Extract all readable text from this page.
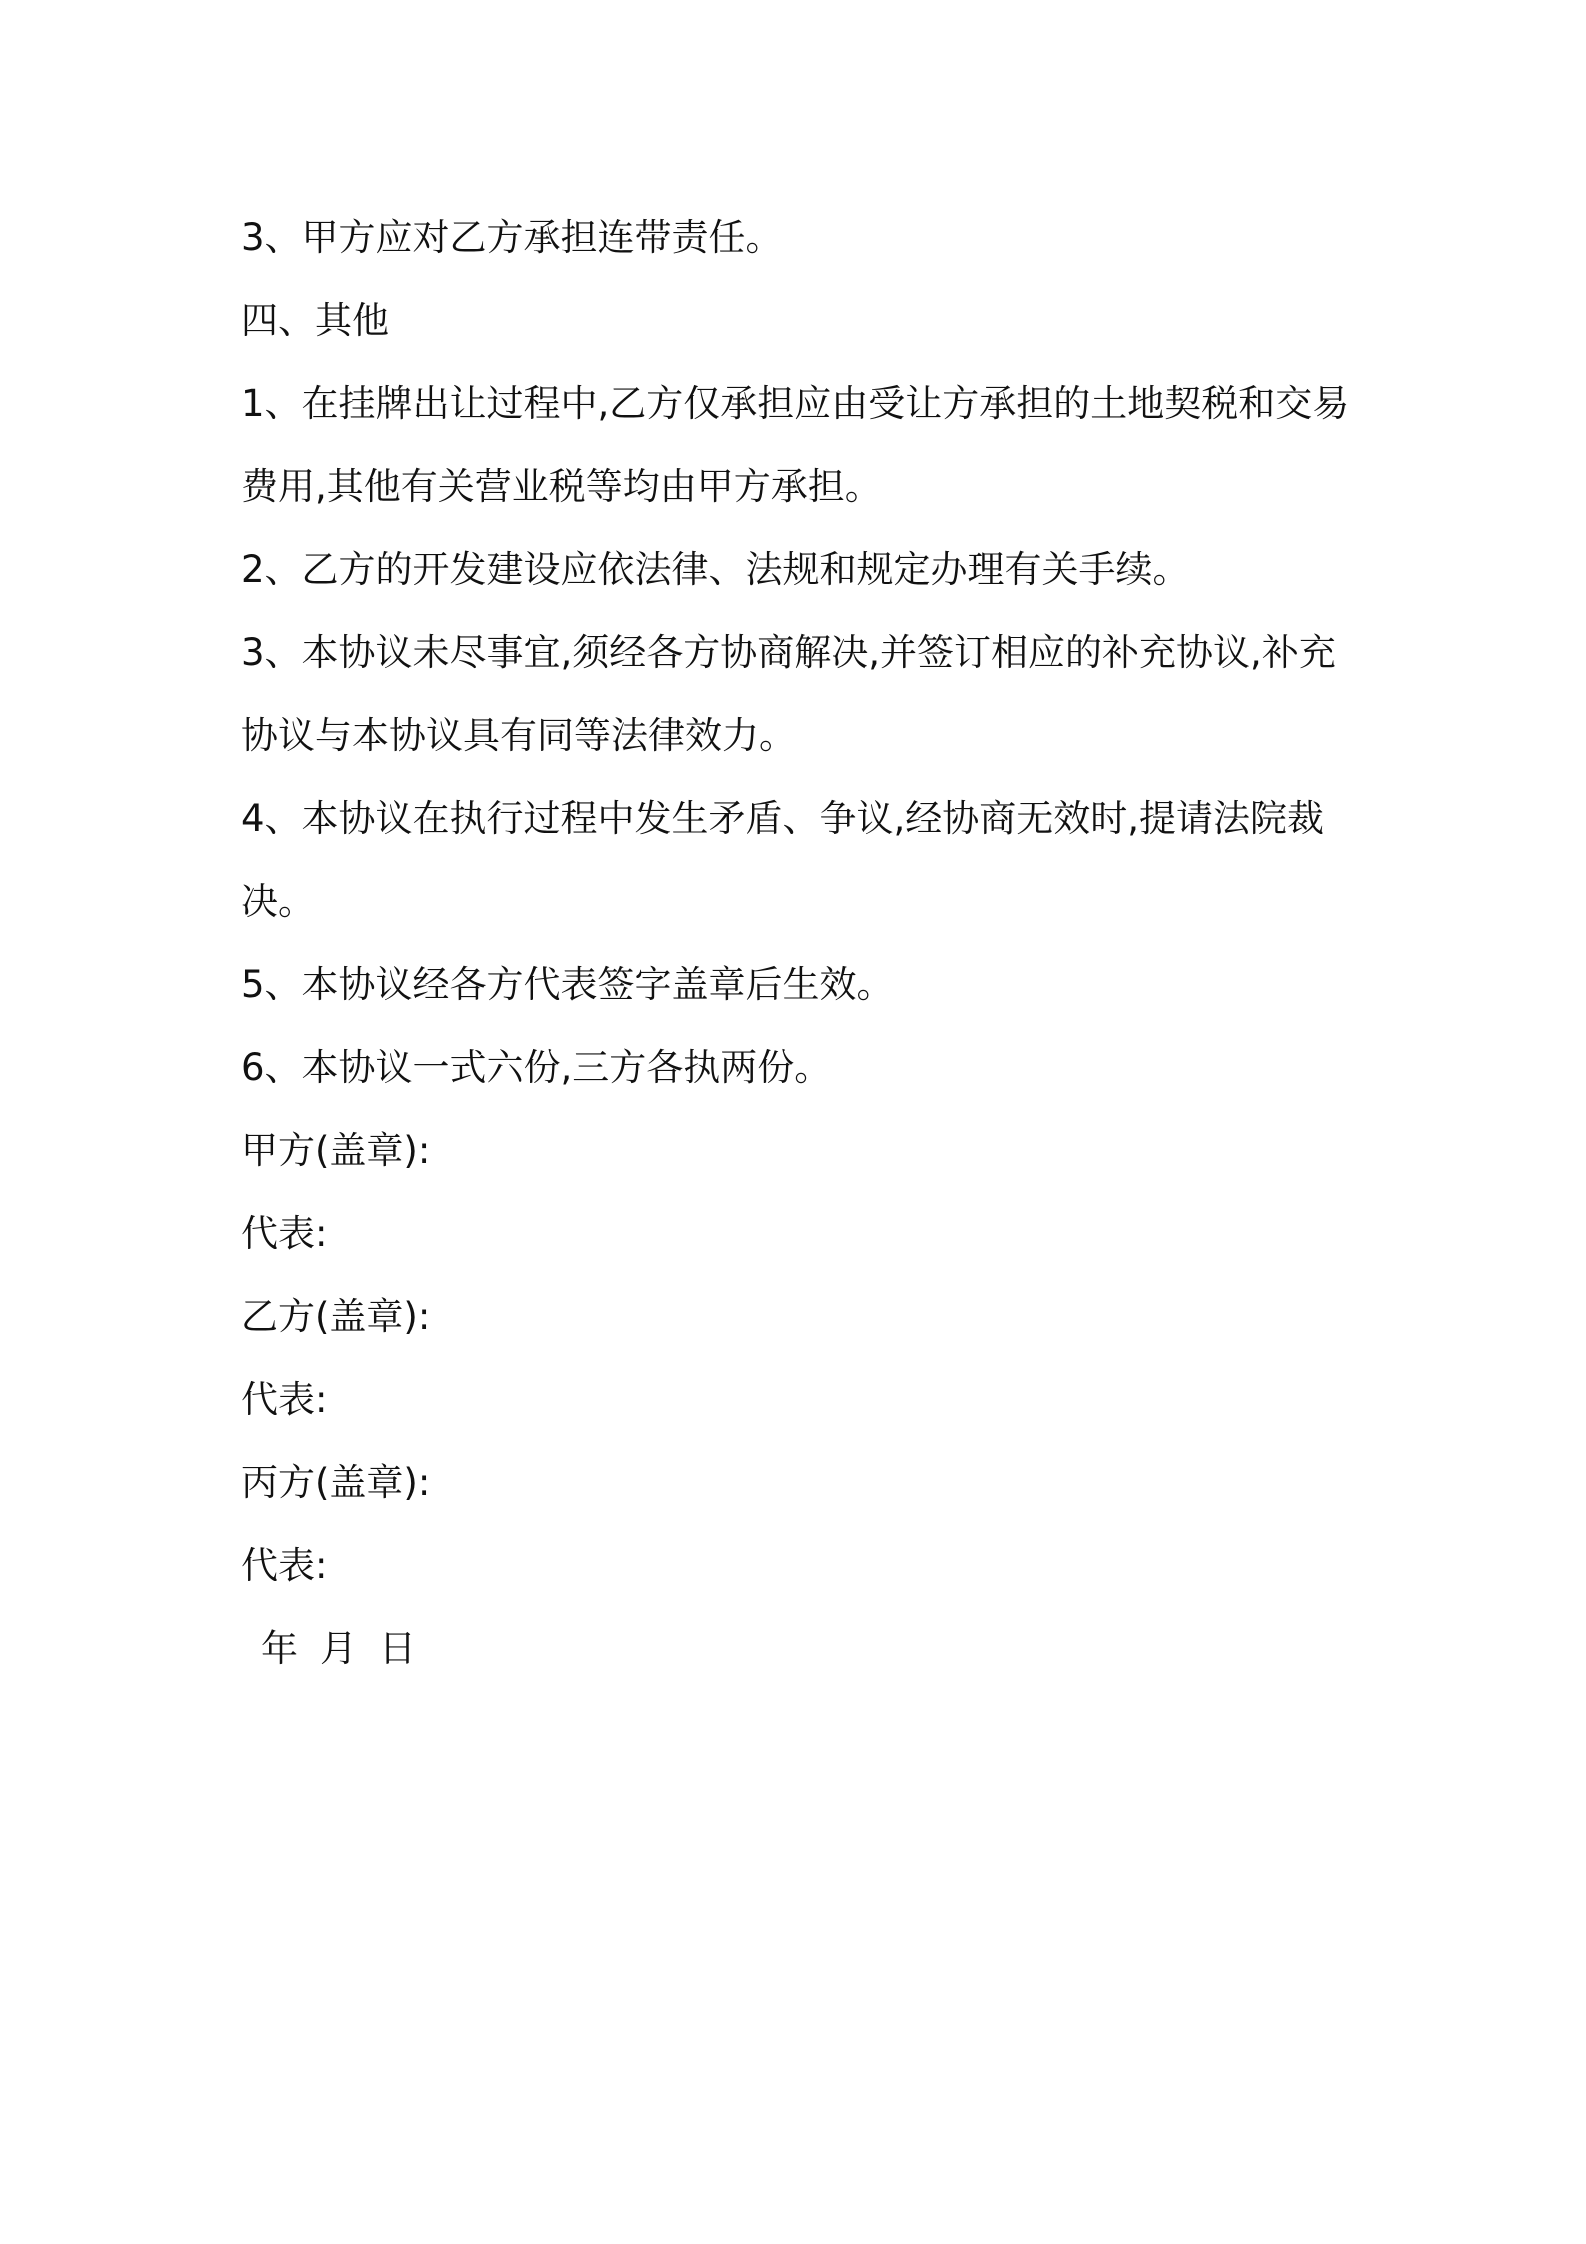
3、甲方应对乙方承担连带责任。

四、其他

1、在挂牌出让过程中,乙方仅承担应由受让方承担的土地契税和交易费用,其他有关营业税等均由甲方承担。

2、乙方的开发建设应依法律、法规和规定办理有关手续。

3、本协议未尽事宜,须经各方协商解决,并签订相应的补充协议,补充协议与本协议具有同等法律效力。

4、本协议在执行过程中发生矛盾、争议,经协商无效时,提请法院裁决。

5、本协议经各方代表签字盖章后生效。

6、本协议一式六份,三方各执两份。

甲方(盖章):

代表:

乙方(盖章):

代表:

丙方(盖章):

代表:

年 月 日
